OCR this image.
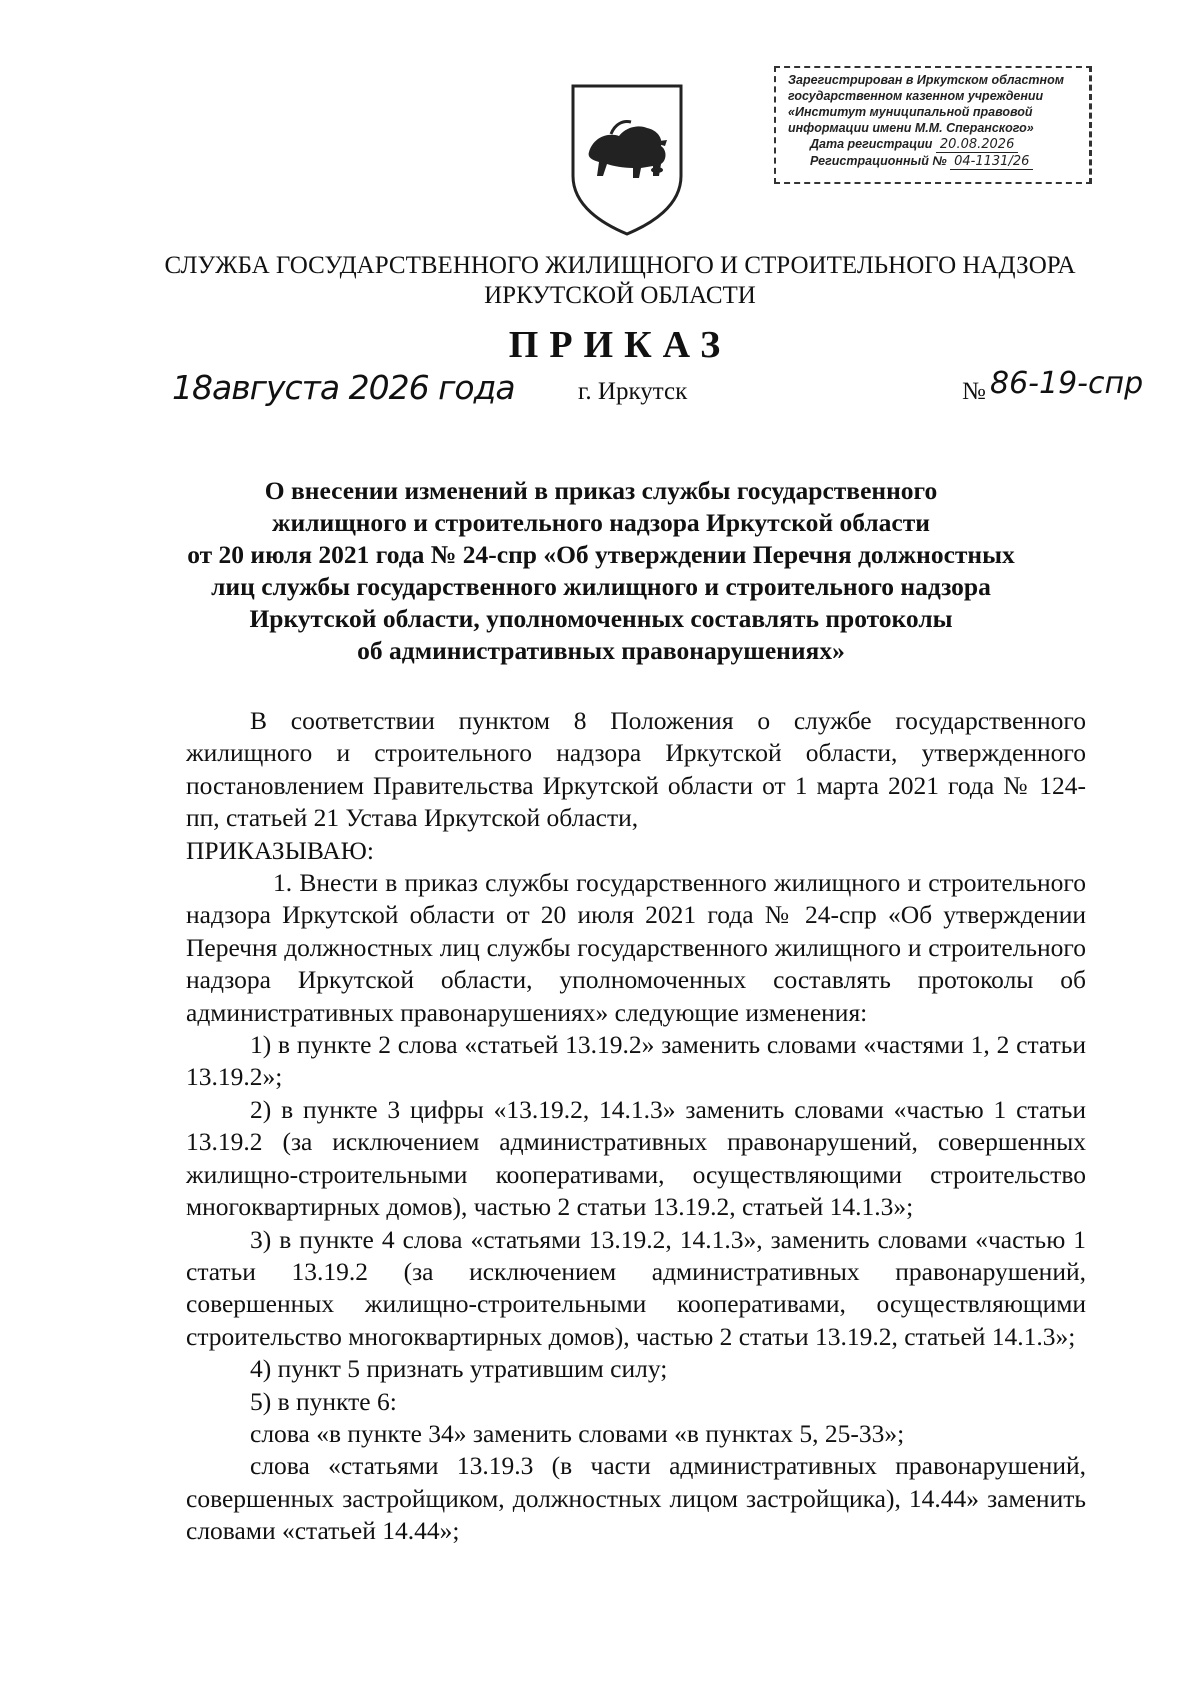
Зарегистрирован в Иркутском областном
государственном казенном учреждении
«Институт муниципальной правовой
информации имени М.М. Сперанского»
Дата регистрации 20.08.2026
Регистрационный № 04-1131/26
СЛУЖБА ГОСУДАРСТВЕННОГО ЖИЛИЩНОГО И СТРОИТЕЛЬНОГО НАДЗОРА
ИРКУТСКОЙ ОБЛАСТИ
ПРИКАЗ
18августа 2026 года	г. Иркутск	№ 86-19-спр
О внесении изменений в приказ службы государственного
жилищного и строительного надзора Иркутской области
от 20 июля 2021 года № 24-спр «Об утверждении Перечня должностных
лиц службы государственного жилищного и строительного надзора
Иркутской области, уполномоченных составлять протоколы
об административных правонарушениях»

В соответствии пунктом 8 Положения о службе государственного жилищного и строительного надзора Иркутской области, утвержденного постановлением Правительства Иркутской области от 1 марта 2021 года № 124-пп, статьей 21 Устава Иркутской области,

ПРИКАЗЫВАЮ:

1. Внести в приказ службы государственного жилищного и строительного надзора Иркутской области от 20 июля 2021 года № 24-спр «Об утверждении Перечня должностных лиц службы государственного жилищного и строительного надзора Иркутской области, уполномоченных составлять протоколы об административных правонарушениях» следующие изменения:

1) в пункте 2 слова «статьей 13.19.2» заменить словами «частями 1, 2 статьи 13.19.2»;

2) в пункте 3 цифры «13.19.2, 14.1.3» заменить словами «частью 1 статьи 13.19.2 (за исключением административных правонарушений, совершенных жилищно-строительными кооперативами, осуществляющими строительство многоквартирных домов), частью 2 статьи 13.19.2, статьей 14.1.3»;

3) в пункте 4 слова «статьями 13.19.2, 14.1.3», заменить словами «частью 1 статьи 13.19.2 (за исключением административных правонарушений, совершенных жилищно-строительными кооперативами, осуществляющими строительство многоквартирных домов), частью 2 статьи 13.19.2, статьей 14.1.3»;

4) пункт 5 признать утратившим силу;

5) в пункте 6:

слова «в пункте 34» заменить словами «в пунктах 5, 25-33»;

слова «статьями 13.19.3 (в части административных правонарушений, совершенных застройщиком, должностных лицом застройщика), 14.44» заменить словами «статьей 14.44»;
